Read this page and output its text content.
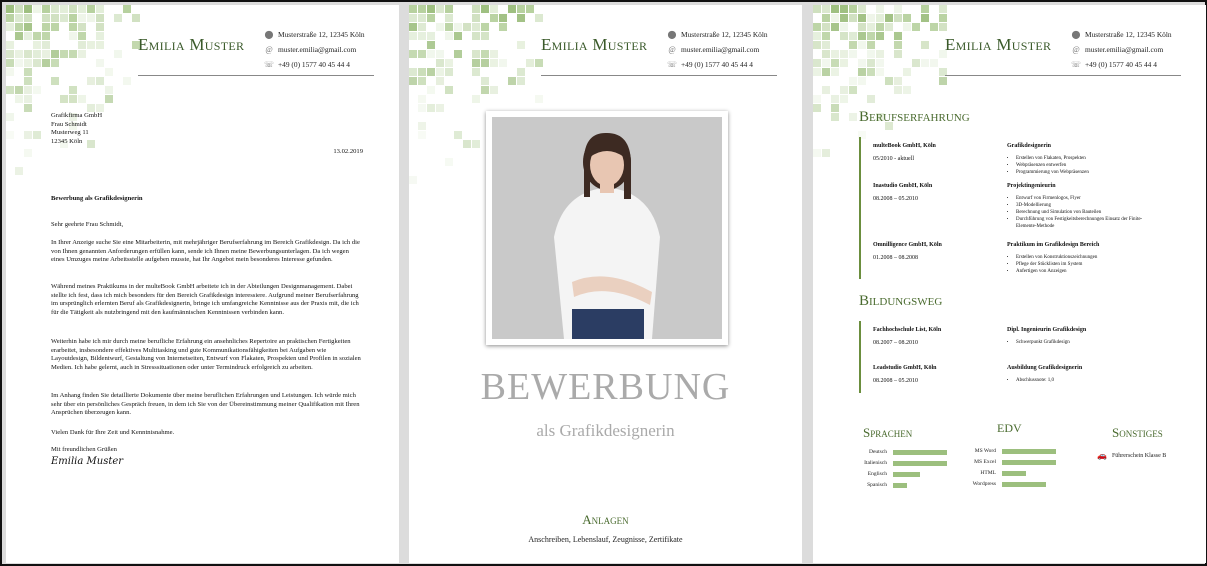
Emilia Muster
⬤ Musterstraße 12, 12345 Köln
@ muster.emilia@gmail.com
☏ +49 (0) 1577 40 45 44 4
Grafikfirma GmbH
Frau Schmidt
Musterweg 11
12345 Köln
13.02.2019
Bewerbung als Grafikdesignerin
Sehr geehrte Frau Schmidt,
In Ihrer Anzeige suche Sie eine Mitarbeiterin, mit mehrjähriger Berufserfahrung im Bereich Grafikdesign. Da ich die von Ihnen genannten Anforderungen erfüllen kann, sende ich Ihnen meine Bewerbungsunterlagen. Da ich wegen eines Umzuges meine Arbeitsstelle aufgeben musste, hat Ihr Angebot mein besonderes Interesse gefunden.
Während meines Praktikums in der multeBook GmbH arbeitete ich in der Abteilungen Designmanagement. Dabei stellte ich fest, dass ich mich besonders für den Bereich Grafikdesign interessiere. Aufgrund meiner Berufserfahrung im ursprünglich erlernten Beruf als Grafikdesignerin, bringe ich umfangreiche Kenntnisse aus der Praxis mit, die ich für die Tätigkeit als nutzbringend mit den kaufmännischen Kenntnissen verbinden kann.
Weiterhin habe ich mir durch meine berufliche Erfahrung ein ansehnliches Repertoire an praktischen Fertigkeiten erarbeitet, insbesondere effektives Multitasking und gute Kommunikationsfähigkeiten bei Aufgaben wie Layoutdesign, Bildentwurf, Gestaltung von Internetseiten, Entwurf von Flakaten, Prospekten und Profilen in sozialen Medien. Ich habe gelernt, auch in Stresssituationen oder unter Termindruck erfolgreich zu arbeiten.
Im Anhang finden Sie detaillierte Dokumente über meine beruflichen Erfahrungen und Leistungen. Ich würde mich sehr über ein persönliches Gespräch freuen, in dem ich Sie von der Übereinstimmung meiner Qualifikation mit Ihren Ansprüchen überzeugen kann.
Vielen Dank für Ihre Zeit und Kenntnisnahme.
Mit freundlichen Grüßen
Emilia Muster
Emilia Muster
⬤ Musterstraße 12, 12345 Köln
@ muster.emilia@gmail.com
☏ +49 (0) 1577 40 45 44 4
BEWERBUNG
als Grafikdesignerin
Anlagen
Anschreiben, Lebenslauf, Zeugnisse, Zertifikate
Emilia Muster
⬤ Musterstraße 12, 12345 Köln
@ muster.emilia@gmail.com
☏ +49 (0) 1577 40 45 44 4
Berufserfahrung
multeBook GmbH, Köln
05/2010 - aktuell
Grafikdesignerin
• Erstellen von Flakaten, Prospekten
• Webpräsenzen entwerfen
• Programmierung von Webpräsenzen
Inastudio GmbH, Köln
08.2008 – 05.2010
Projektingenieurin
• Entwurf von Firmenlogos, Flyer
• 3D-Modellierung
• Berechnung und Simulation von Bauteilen
• Durchführung von Festigkeitsberechnungen Einsatz der Finite-Elemente-Methode
Omnilligence GmbH, Köln
01.2008 – 08.2008
Praktikum im Grafikdesign Bereich
• Erstellen von Konstruktionszeichnungen
• Pflege der Stücklisten im System
• Anfertigen von Anzeigen
Bildungsweg
Fachhochschule List, Köln
08.2007 – 08.2010
Dipl. Ingenieurin Grafikdesign
• Schwerpunkt Grafikdesign
Leadstudio GmbH, Köln
08.2008 – 05.2010
Ausbildung Grafikdesignerin
• Abschlussnote: 1,0
Sprachen	EDV	Sonstiges
Deutsch
Italienisch
Englisch
Spanisch
MS Word
MS Excel
HTML
Wordpress
🚗 Führerschein Klasse B
